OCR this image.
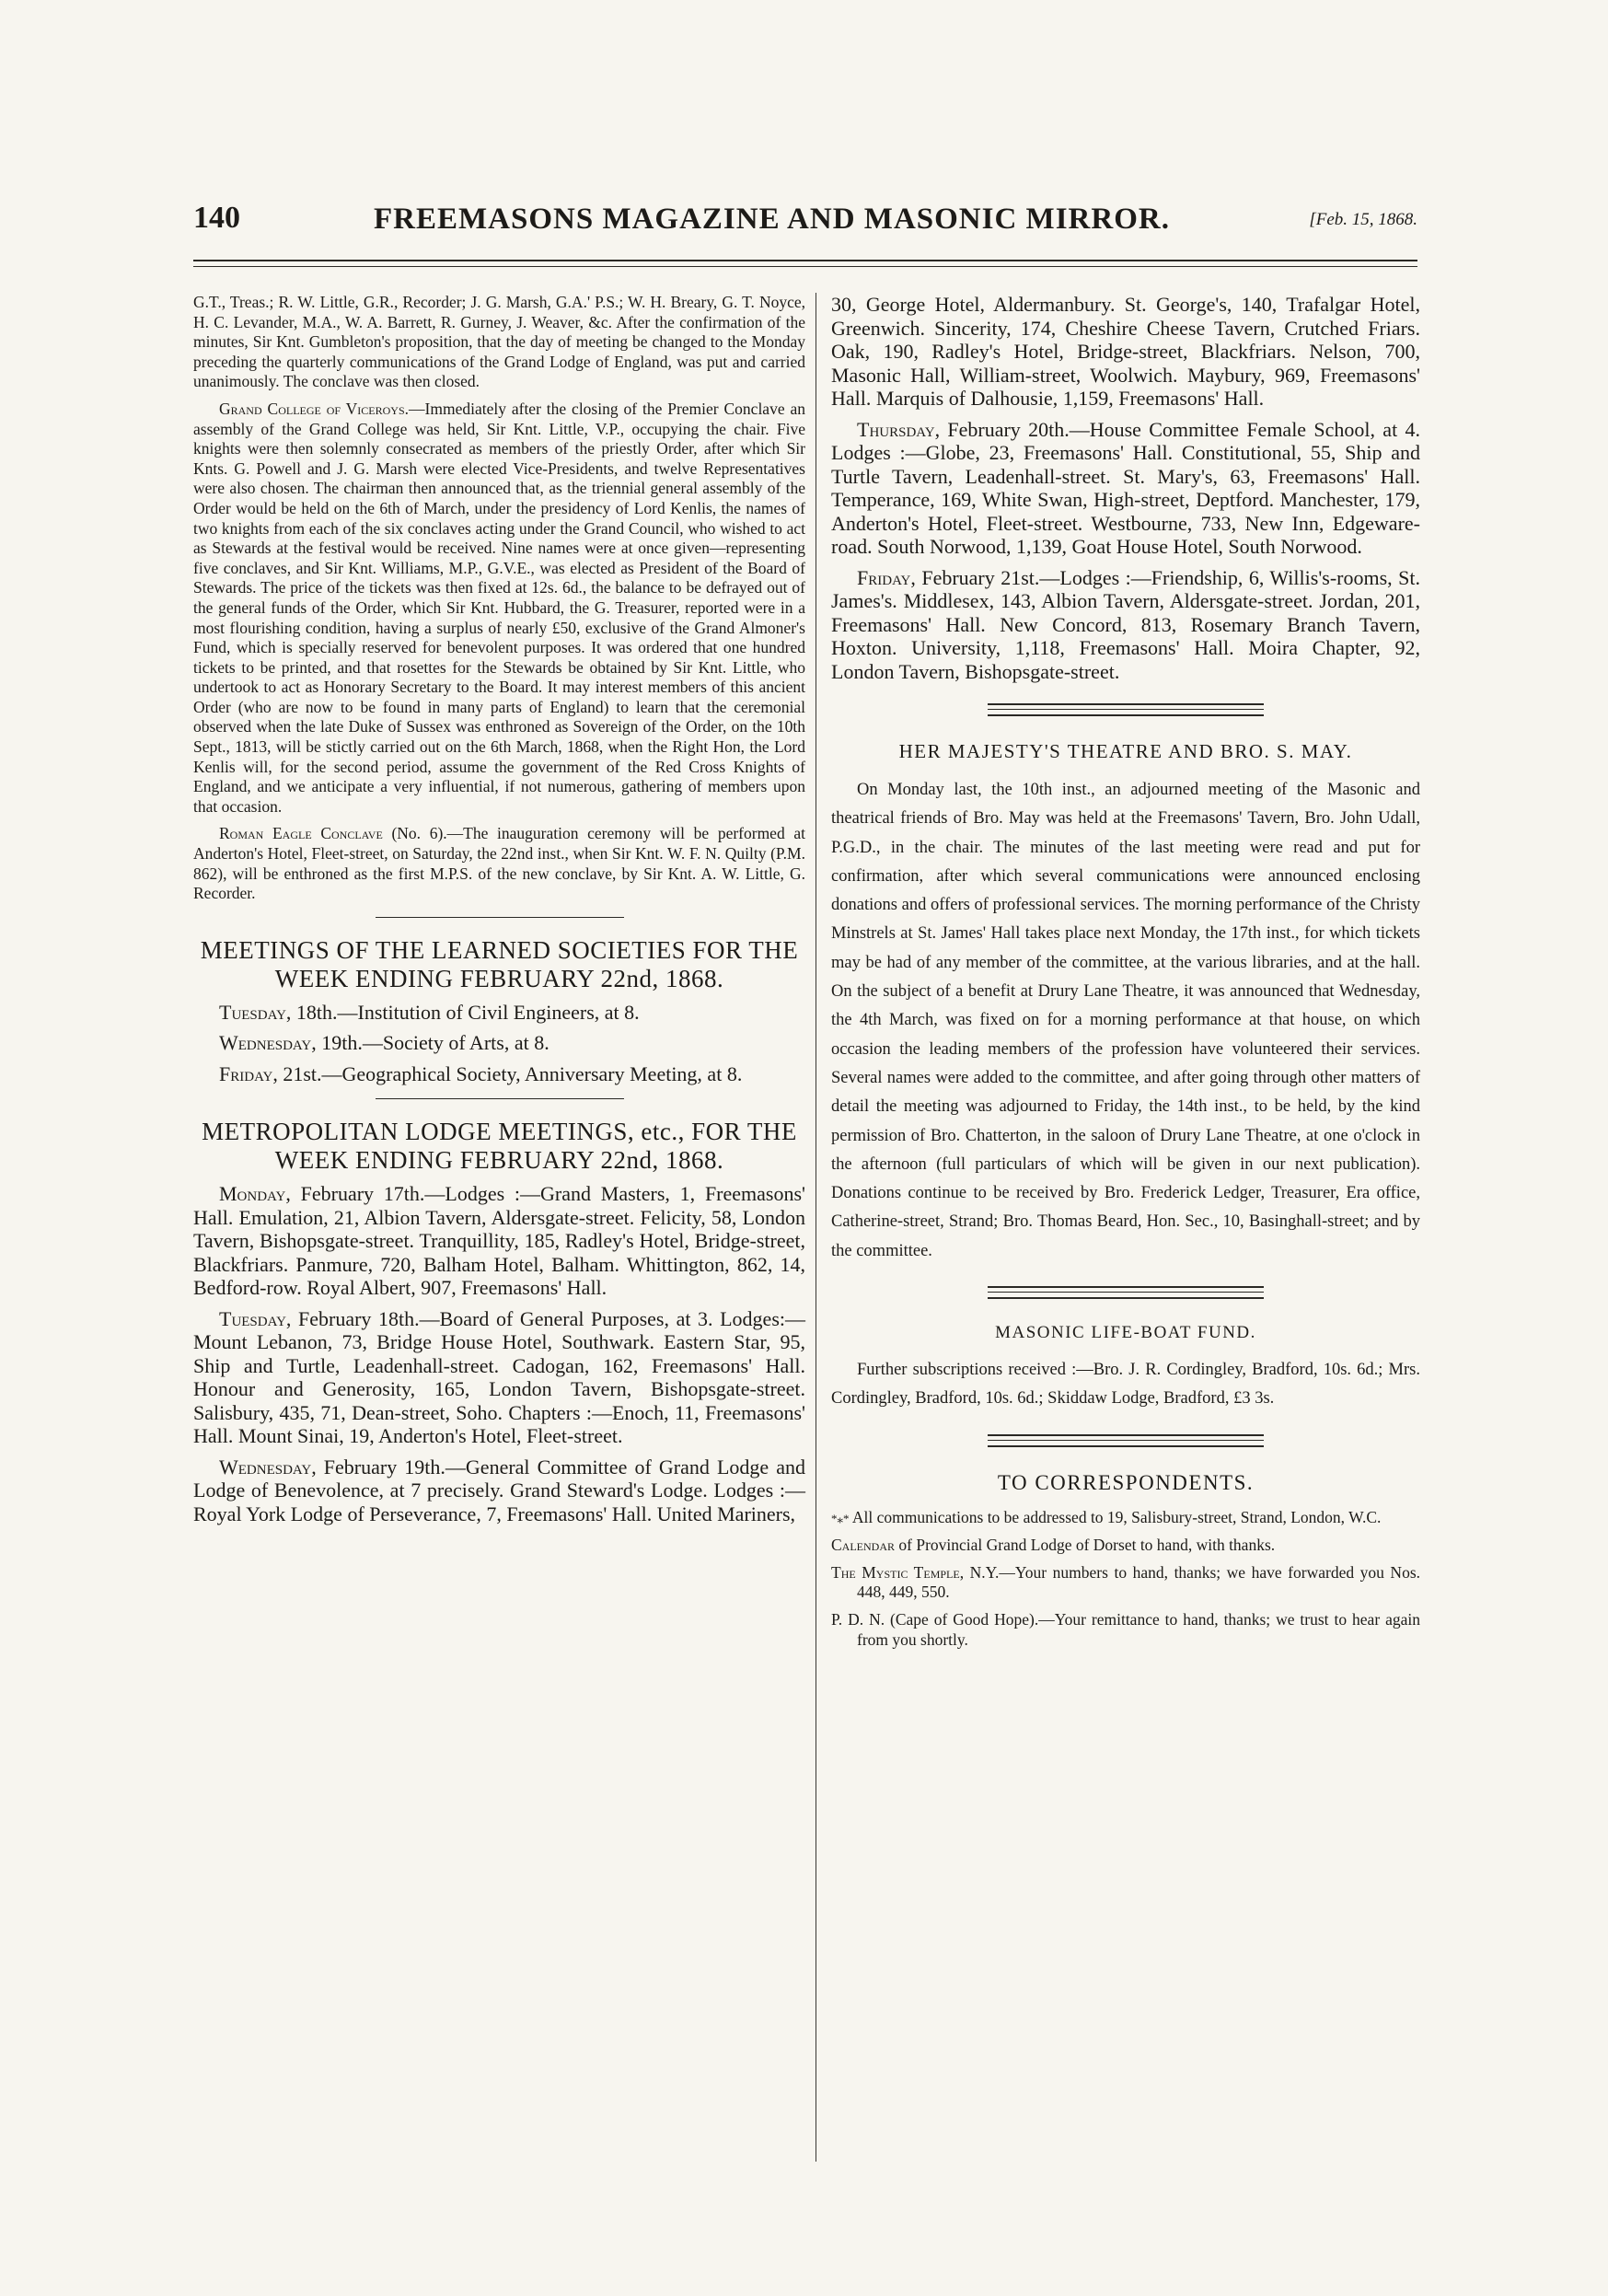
140	FREEMASONS MAGAZINE AND MASONIC MIRROR.	[Feb. 15, 1868.

G.T., Treas.; R. W. Little, G.R., Recorder; J. G. Marsh, G.A.' P.S.; W. H. Breary, G. T. Noyce, H. C. Levander, M.A., W. A. Barrett, R. Gurney, J. Weaver, &c. After the confirmation of the minutes, Sir Knt. Gumbleton's proposition, that the day of meeting be changed to the Monday preceding the quarterly communications of the Grand Lodge of England, was put and carried unanimously. The conclave was then closed.

Grand College of Viceroys.—Immediately after the closing of the Premier Conclave an assembly of the Grand College was held, Sir Knt. Little, V.P., occupying the chair. Five knights were then solemnly consecrated as members of the priestly Order, after which Sir Knts. G. Powell and J. G. Marsh were elected Vice-Presidents, and twelve Representatives were also chosen. The chairman then announced that, as the triennial general assembly of the Order would be held on the 6th of March, under the presidency of Lord Kenlis, the names of two knights from each of the six conclaves acting under the Grand Council, who wished to act as Stewards at the festival would be received. Nine names were at once given—representing five conclaves, and Sir Knt. Williams, M.P., G.V.E., was elected as President of the Board of Stewards. The price of the tickets was then fixed at 12s. 6d., the balance to be defrayed out of the general funds of the Order, which Sir Knt. Hubbard, the G. Treasurer, reported were in a most flourishing condition, having a surplus of nearly £50, exclusive of the Grand Almoner's Fund, which is specially reserved for benevolent purposes. It was ordered that one hundred tickets to be printed, and that rosettes for the Stewards be obtained by Sir Knt. Little, who undertook to act as Honorary Secretary to the Board. It may interest members of this ancient Order (who are now to be found in many parts of England) to learn that the ceremonial observed when the late Duke of Sussex was enthroned as Sovereign of the Order, on the 10th Sept., 1813, will be stictly carried out on the 6th March, 1868, when the Right Hon, the Lord Kenlis will, for the second period, assume the government of the Red Cross Knights of England, and we anticipate a very influential, if not numerous, gathering of members upon that occasion.

Roman Eagle Conclave (No. 6).—The inauguration ceremony will be performed at Anderton's Hotel, Fleet-street, on Saturday, the 22nd inst., when Sir Knt. W. F. N. Quilty (P.M. 862), will be enthroned as the first M.P.S. of the new conclave, by Sir Knt. A. W. Little, G. Recorder.

MEETINGS OF THE LEARNED SOCIETIES FOR THE WEEK ENDING FEBRUARY 22nd, 1868.

Tuesday, 18th.—Institution of Civil Engineers, at 8.

Wednesday, 19th.—Society of Arts, at 8.

Friday, 21st.—Geographical Society, Anniversary Meeting, at 8.

METROPOLITAN LODGE MEETINGS, etc., FOR THE WEEK ENDING FEBRUARY 22nd, 1868.

Monday, February 17th.—Lodges :—Grand Masters, 1, Freemasons' Hall. Emulation, 21, Albion Tavern, Aldersgate-street. Felicity, 58, London Tavern, Bishopsgate-street. Tranquillity, 185, Radley's Hotel, Bridge-street, Blackfriars. Panmure, 720, Balham Hotel, Balham. Whittington, 862, 14, Bedford-row. Royal Albert, 907, Freemasons' Hall.

Tuesday, February 18th.—Board of General Purposes, at 3. Lodges:—Mount Lebanon, 73, Bridge House Hotel, Southwark. Eastern Star, 95, Ship and Turtle, Leadenhall-street. Cadogan, 162, Freemasons' Hall. Honour and Generosity, 165, London Tavern, Bishopsgate-street. Salisbury, 435, 71, Dean-street, Soho. Chapters :—Enoch, 11, Freemasons' Hall. Mount Sinai, 19, Anderton's Hotel, Fleet-street.

Wednesday, February 19th.—General Committee of Grand Lodge and Lodge of Benevolence, at 7 precisely. Grand Steward's Lodge. Lodges :—Royal York Lodge of Perseverance, 7, Freemasons' Hall. United Mariners,

30, George Hotel, Aldermanbury. St. George's, 140, Trafalgar Hotel, Greenwich. Sincerity, 174, Cheshire Cheese Tavern, Crutched Friars. Oak, 190, Radley's Hotel, Bridge-street, Blackfriars. Nelson, 700, Masonic Hall, William-street, Woolwich. Maybury, 969, Freemasons' Hall. Marquis of Dalhousie, 1,159, Freemasons' Hall.

Thursday, February 20th.—House Committee Female School, at 4. Lodges :—Globe, 23, Freemasons' Hall. Constitutional, 55, Ship and Turtle Tavern, Leadenhall-street. St. Mary's, 63, Freemasons' Hall. Temperance, 169, White Swan, High-street, Deptford. Manchester, 179, Anderton's Hotel, Fleet-street. Westbourne, 733, New Inn, Edgeware-road. South Norwood, 1,139, Goat House Hotel, South Norwood.

Friday, February 21st.—Lodges :—Friendship, 6, Willis's-rooms, St. James's. Middlesex, 143, Albion Tavern, Aldersgate-street. Jordan, 201, Freemasons' Hall. New Concord, 813, Rosemary Branch Tavern, Hoxton. University, 1,118, Freemasons' Hall. Moira Chapter, 92, London Tavern, Bishopsgate-street.

HER MAJESTY'S THEATRE AND BRO. S. MAY.

On Monday last, the 10th inst., an adjourned meeting of the Masonic and theatrical friends of Bro. May was held at the Freemasons' Tavern, Bro. John Udall, P.G.D., in the chair. The minutes of the last meeting were read and put for confirmation, after which several communications were announced enclosing donations and offers of professional services. The morning performance of the Christy Minstrels at St. James' Hall takes place next Monday, the 17th inst., for which tickets may be had of any member of the committee, at the various libraries, and at the hall. On the subject of a benefit at Drury Lane Theatre, it was announced that Wednesday, the 4th March, was fixed on for a morning performance at that house, on which occasion the leading members of the profession have volunteered their services. Several names were added to the committee, and after going through other matters of detail the meeting was adjourned to Friday, the 14th inst., to be held, by the kind permission of Bro. Chatterton, in the saloon of Drury Lane Theatre, at one o'clock in the afternoon (full particulars of which will be given in our next publication). Donations continue to be received by Bro. Frederick Ledger, Treasurer, Era office, Catherine-street, Strand; Bro. Thomas Beard, Hon. Sec., 10, Basinghall-street; and by the committee.

MASONIC LIFE-BOAT FUND.

Further subscriptions received :—Bro. J. R. Cordingley, Bradford, 10s. 6d.; Mrs. Cordingley, Bradford, 10s. 6d.; Skiddaw Lodge, Bradford, £3 3s.

TO CORRESPONDENTS.

*⁎* All communications to be addressed to 19, Salisbury-street, Strand, London, W.C.

Calendar of Provincial Grand Lodge of Dorset to hand, with thanks.

The Mystic Temple, N.Y.—Your numbers to hand, thanks; we have forwarded you Nos. 448, 449, 550.

P. D. N. (Cape of Good Hope).—Your remittance to hand, thanks; we trust to hear again from you shortly.
